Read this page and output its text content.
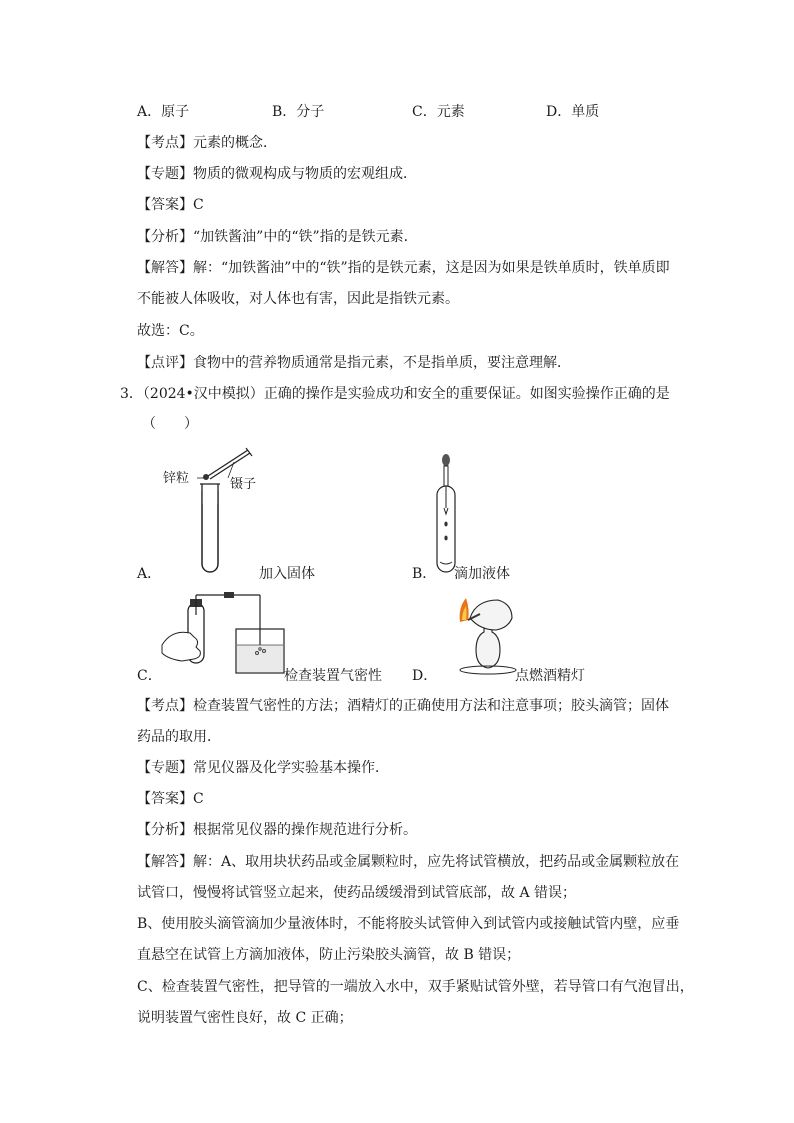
A．原子	B．分子	C．元素	D．单质
【考点】元素的概念．
【专题】物质的微观构成与物质的宏观组成．
【答案】C
【分析】“加铁酱油”中的“铁”指的是铁元素．
【解答】解：“加铁酱油”中的“铁”指的是铁元素，这是因为如果是铁单质时，铁单质即
不能被人体吸收，对人体也有害，因此是指铁元素。
故选：C。
【点评】食物中的营养物质通常是指元素，不是指单质，要注意理解．
3．（2024•汉中模拟）正确的操作是实验成功和安全的重要保证。如图实验操作正确的是
（　　）
锌粒	镊子
A．	加入固体	B． 滴加液体
C．	检查装置气密性 D．	点燃酒精灯
【考点】检查装置气密性的方法；酒精灯的正确使用方法和注意事项；胶头滴管；固体
药品的取用．
【专题】常见仪器及化学实验基本操作．
【答案】C
【分析】根据常见仪器的操作规范进行分析。
【解答】解：A、取用块状药品或金属颗粒时，应先将试管横放，把药品或金属颗粒放在
试管口，慢慢将试管竖立起来，使药品缓缓滑到试管底部，故 A 错误；
B、使用胶头滴管滴加少量液体时，不能将胶头试管伸入到试管内或接触试管内壁，应垂
直悬空在试管上方滴加液体，防止污染胶头滴管，故 B 错误；
C、检查装置气密性，把导管的一端放入水中，双手紧贴试管外壁，若导管口有气泡冒出，
说明装置气密性良好，故 C 正确；
